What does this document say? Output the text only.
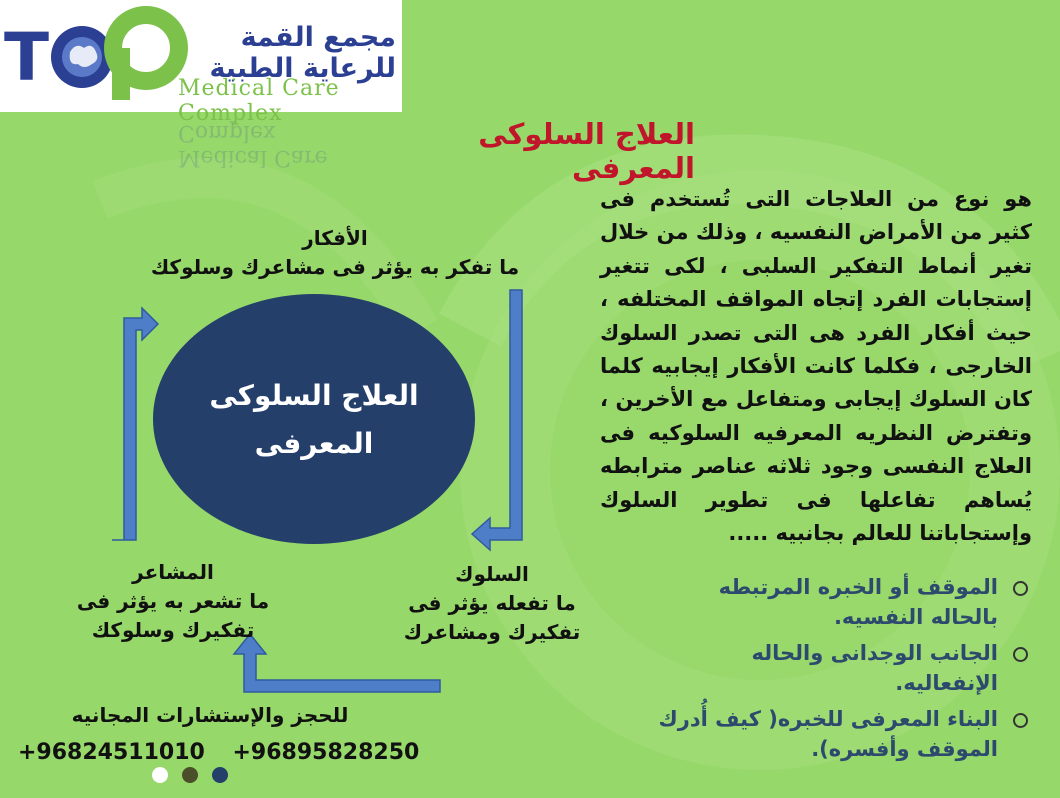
T	مجمع القمة للرعاية الطبية
Medical Care Complex
Medical Care Complex	العلاج السلوكى المعرفى
هو نوع من العلاجات التى تُستخدم فى كثير من الأمراض النفسيه ، وذلك من خلال تغير أنماط التفكير السلبى ، لكى تتغير إستجابات الفرد إتجاه المواقف المختلفه ، حيث أفكار الفرد هى التى تصدر السلوك الخارجى ، فكلما كانت الأفكار إيجابيه كلما كان السلوك إيجابى ومتفاعل مع الأخرين ، وتفترض النظريه المعرفيه السلوكيه فى العلاج النفسى وجود ثلاثه عناصر مترابطه يُساهم تفاعلها فى تطوير السلوك وإستجاباتنا للعالم بجانبيه .....
الموقف أو الخبره المرتبطه بالحاله النفسيه.
الجانب الوجدانى والحاله الإنفعاليه.
البناء المعرفى للخبره( كيف أُدرك الموقف وأفسره).
العلاج السلوكى المعرفى
الأفكار
ما تفكر به يؤثر فى مشاعرك وسلوكك
السلوك
ما تفعله يؤثر فى تفكيرك ومشاعرك
المشاعر
ما تشعر به يؤثر فى تفكيرك وسلوكك
للحجز والإستشارات المجانيه
+96824511010 +96895828250
